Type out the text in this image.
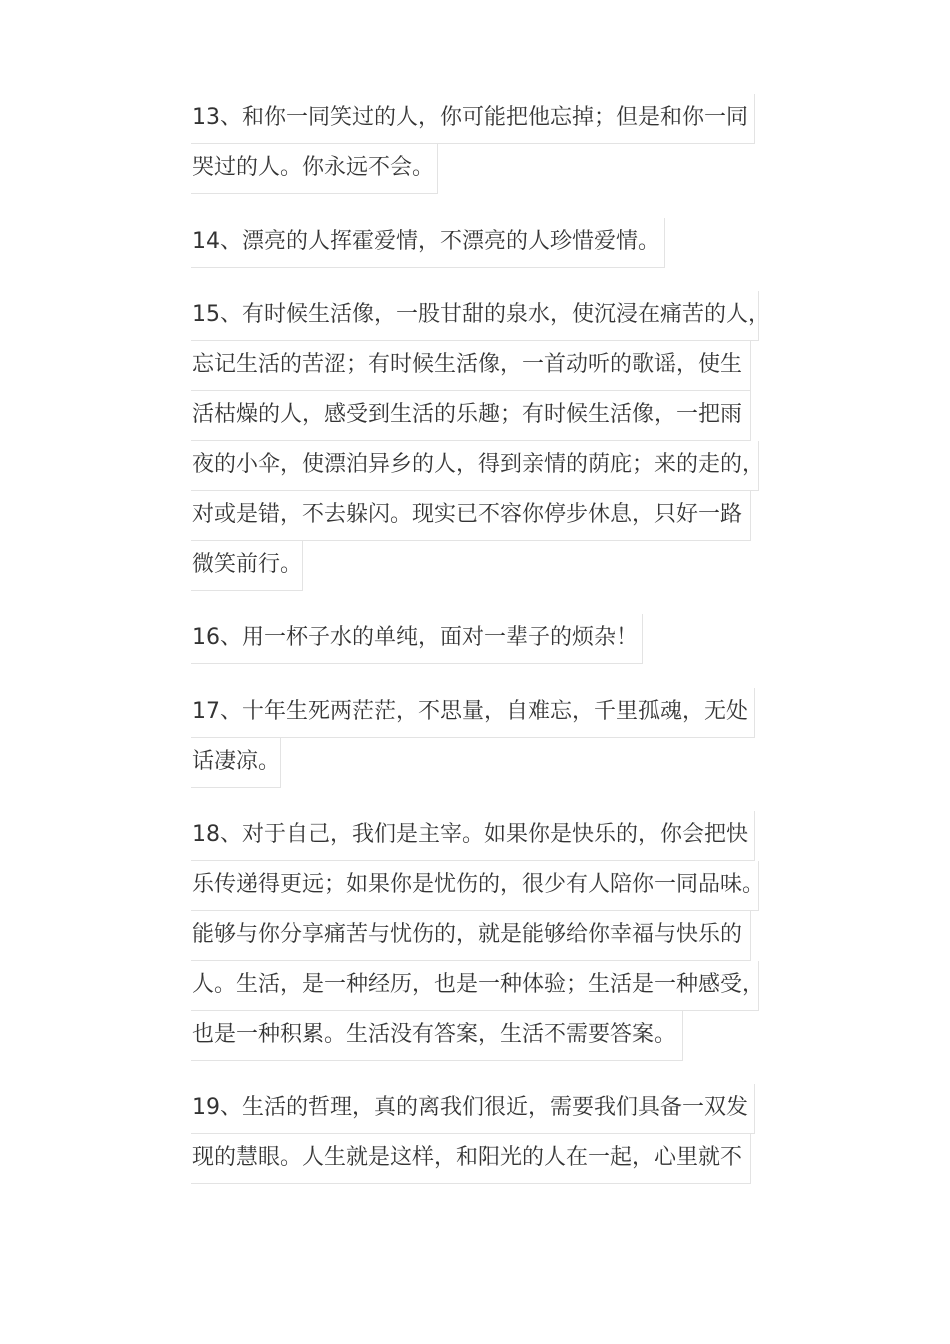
13、和你一同笑过的人，你可能把他忘掉；但是和你一同
哭过的人。你永远不会。
14、漂亮的人挥霍爱情，不漂亮的人珍惜爱情。
15、有时候生活像，一股甘甜的泉水，使沉浸在痛苦的人，
忘记生活的苦涩；有时候生活像，一首动听的歌谣，使生
活枯燥的人，感受到生活的乐趣；有时候生活像，一把雨
夜的小伞，使漂泊异乡的人，得到亲情的荫庇；来的走的，
对或是错，不去躲闪。现实已不容你停步休息，只好一路
微笑前行。
16、用一杯子水的单纯，面对一辈子的烦杂！
17、十年生死两茫茫，不思量，自难忘，千里孤魂，无处
话凄凉。
18、对于自己，我们是主宰。如果你是快乐的，你会把快
乐传递得更远；如果你是忧伤的，很少有人陪你一同品味。
能够与你分享痛苦与忧伤的，就是能够给你幸福与快乐的
人。生活，是一种经历，也是一种体验；生活是一种感受，
也是一种积累。生活没有答案，生活不需要答案。
19、生活的哲理，真的离我们很近，需要我们具备一双发
现的慧眼。人生就是这样，和阳光的人在一起，心里就不
